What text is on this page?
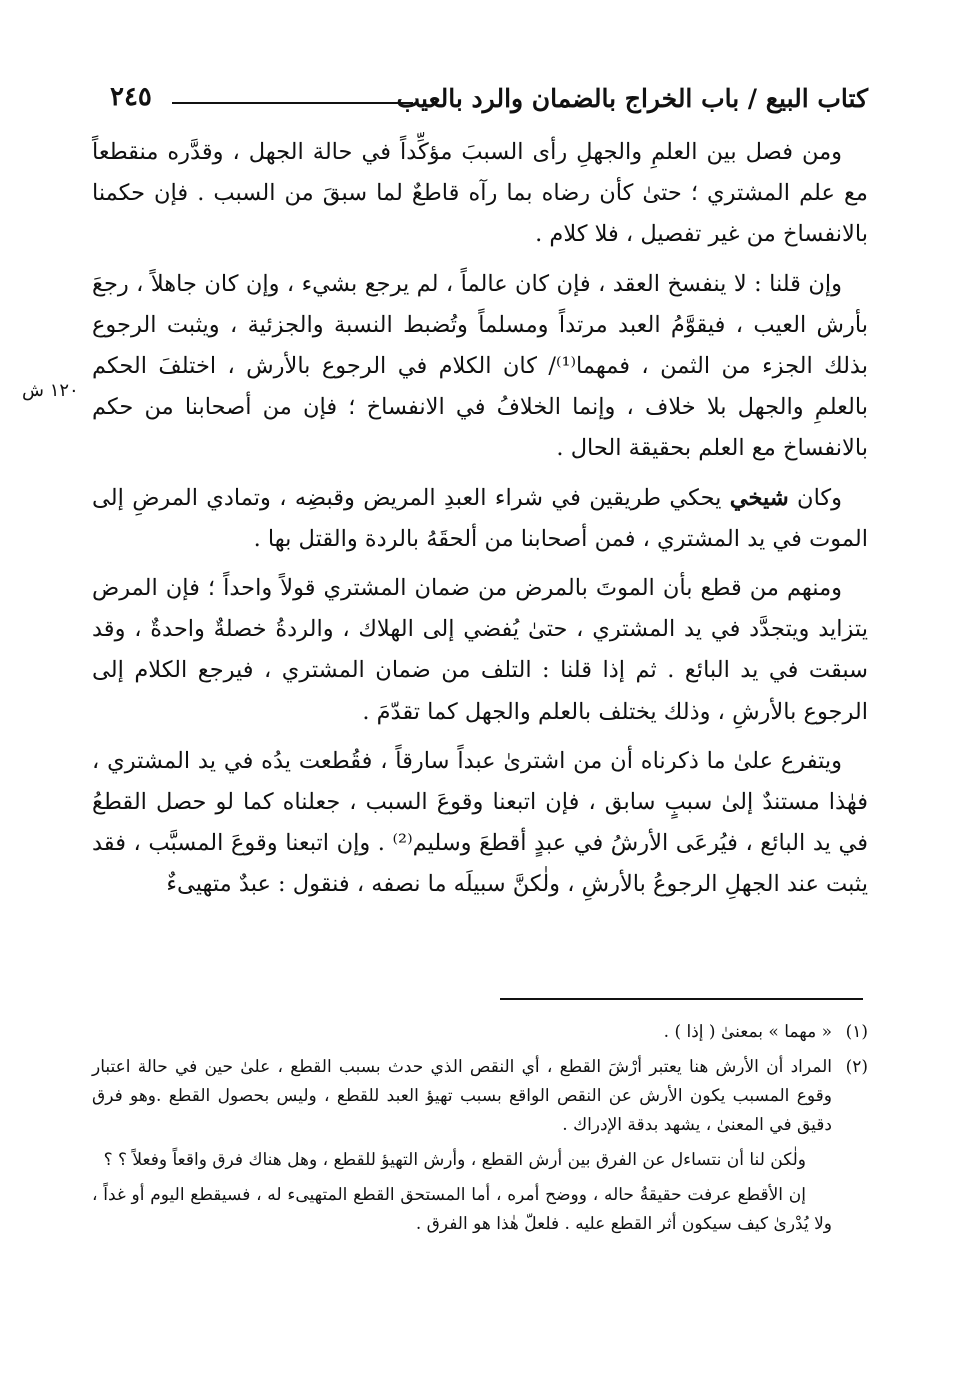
كتاب البيع / باب الخراج بالضمان والرد بالعيب
٢٤٥
١٢٠ ش

ومن فصل بين العلمِ والجهلِ رأى السببَ مؤكِّداً في حالة الجهل ، وقدَّره منقطعاً مع علم المشتري ؛ حتىٰ كأن رضاه بما رآه قاطعٌ لما سبقَ من السبب . فإن حكمنا بالانفساخ من غير تفصيل ، فلا كلام .

وإن قلنا : لا ينفسخ العقد ، فإن كان عالماً ، لم يرجع بشيء ، وإن كان جاهلاً ، رجعَ بأرش العيب ، فيقوَّمُ العبد مرتداً ومسلماً وتُضبط النسبة والجزئية ، ويثبت الرجوع بذلك الجزء من الثمن ، فمهما⁽¹⁾/ كان الكلام في الرجوع بالأرش ، اختلفَ الحكم بالعلمِ والجهل بلا خلاف ، وإنما الخلافُ في الانفساخ ؛ فإن من أصحابنا من حكم بالانفساخ مع العلم بحقيقة الحال .

وكان شيخي يحكي طريقين في شراء العبدِ المريض وقبضِه ، وتمادي المرضِ إلى الموت في يد المشتري ، فمن أصحابنا من ألحقَهُ بالردة والقتل بها .

ومنهم من قطع بأن الموتَ بالمرض من ضمان المشتري قولاً واحداً ؛ فإن المرض يتزايد ويتجدَّد في يد المشتري ، حتىٰ يُفضي إلى الهلاك ، والردةُ خصلةٌ واحدةٌ ، وقد سبقت في يد البائع . ثم إذا قلنا : التلف من ضمان المشتري ، فيرجع الكلام إلى الرجوع بالأرشِ ، وذلك يختلف بالعلم والجهل كما تقدّمَ .

ويتفرع علىٰ ما ذكرناه أن من اشترىٰ عبداً سارقاً ، فقُطعت يدُه في يد المشتري ، فهٰذا مستندٌ إلىٰ سببٍ سابق ، فإن اتبعنا وقوعَ السبب ، جعلناه كما لو حصل القطعُ في يد البائع ، فيُرعَى الأرشُ في عبدٍ أقطعَ وسليم⁽²⁾ . وإن اتبعنا وقوعَ المسبَّب ، فقد يثبت عند الجهلِ الرجوعُ بالأرشِ ، ولٰكنَّ سبيلَه ما نصفه ، فنقول : عبدٌ متهيىءٌ

(١)
« مهما » بمعنىٰ ( إذا ) .
(٢)
المراد أن الأرش هنا يعتبر أرْشَ القطع ، أي النقص الذي حدث بسبب القطع ، علىٰ حين في حالة اعتبار وقوع المسبب يكون الأرش عن النقص الواقع بسبب تهيؤ العبد للقطع ، وليس بحصول القطع .وهو فرق دقيق في المعنىٰ ، يشهد بدقة الإدراك .

ولٰكن لنا أن نتساءل عن الفرق بين أرش القطع ، وأرش التهيؤ للقطع ، وهل هناك فرق واقعاً وفعلاً ؟ ؟

إن الأقطع عرفت حقيقةُ حاله ، ووضح أمره ، أما المستحق القطع المتهيىء له ، فسيقطع اليوم أو غداً ، ولا يُدْرىٰ كيف سيكون أثر القطع عليه . فلعلّ هٰذا هو الفرق .
